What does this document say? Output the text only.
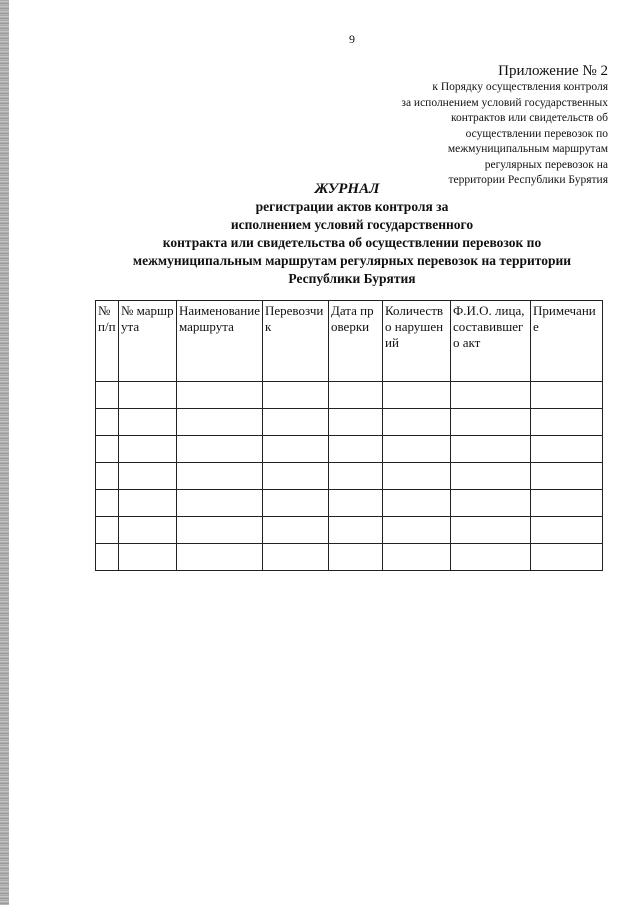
9
Приложение № 2
к Порядку осуществления контроля
за исполнением условий государственных
контрактов или свидетельств об
осуществлении перевозок по
межмуниципальным маршрутам
регулярных перевозок на
территории Республики Бурятия
ЖУРНАЛ
регистрации актов контроля за
исполнением условий государственного
контракта или свидетельства об осуществлении перевозок по
межмуниципальным маршрутам регулярных перевозок на территории
Республики Бурятия
№ п/п	№ маршрута	Наименование маршрута	Перевозчик	Дата проверки	Количество нарушений	Ф.И.О. лица, составившего акт	Примечание
